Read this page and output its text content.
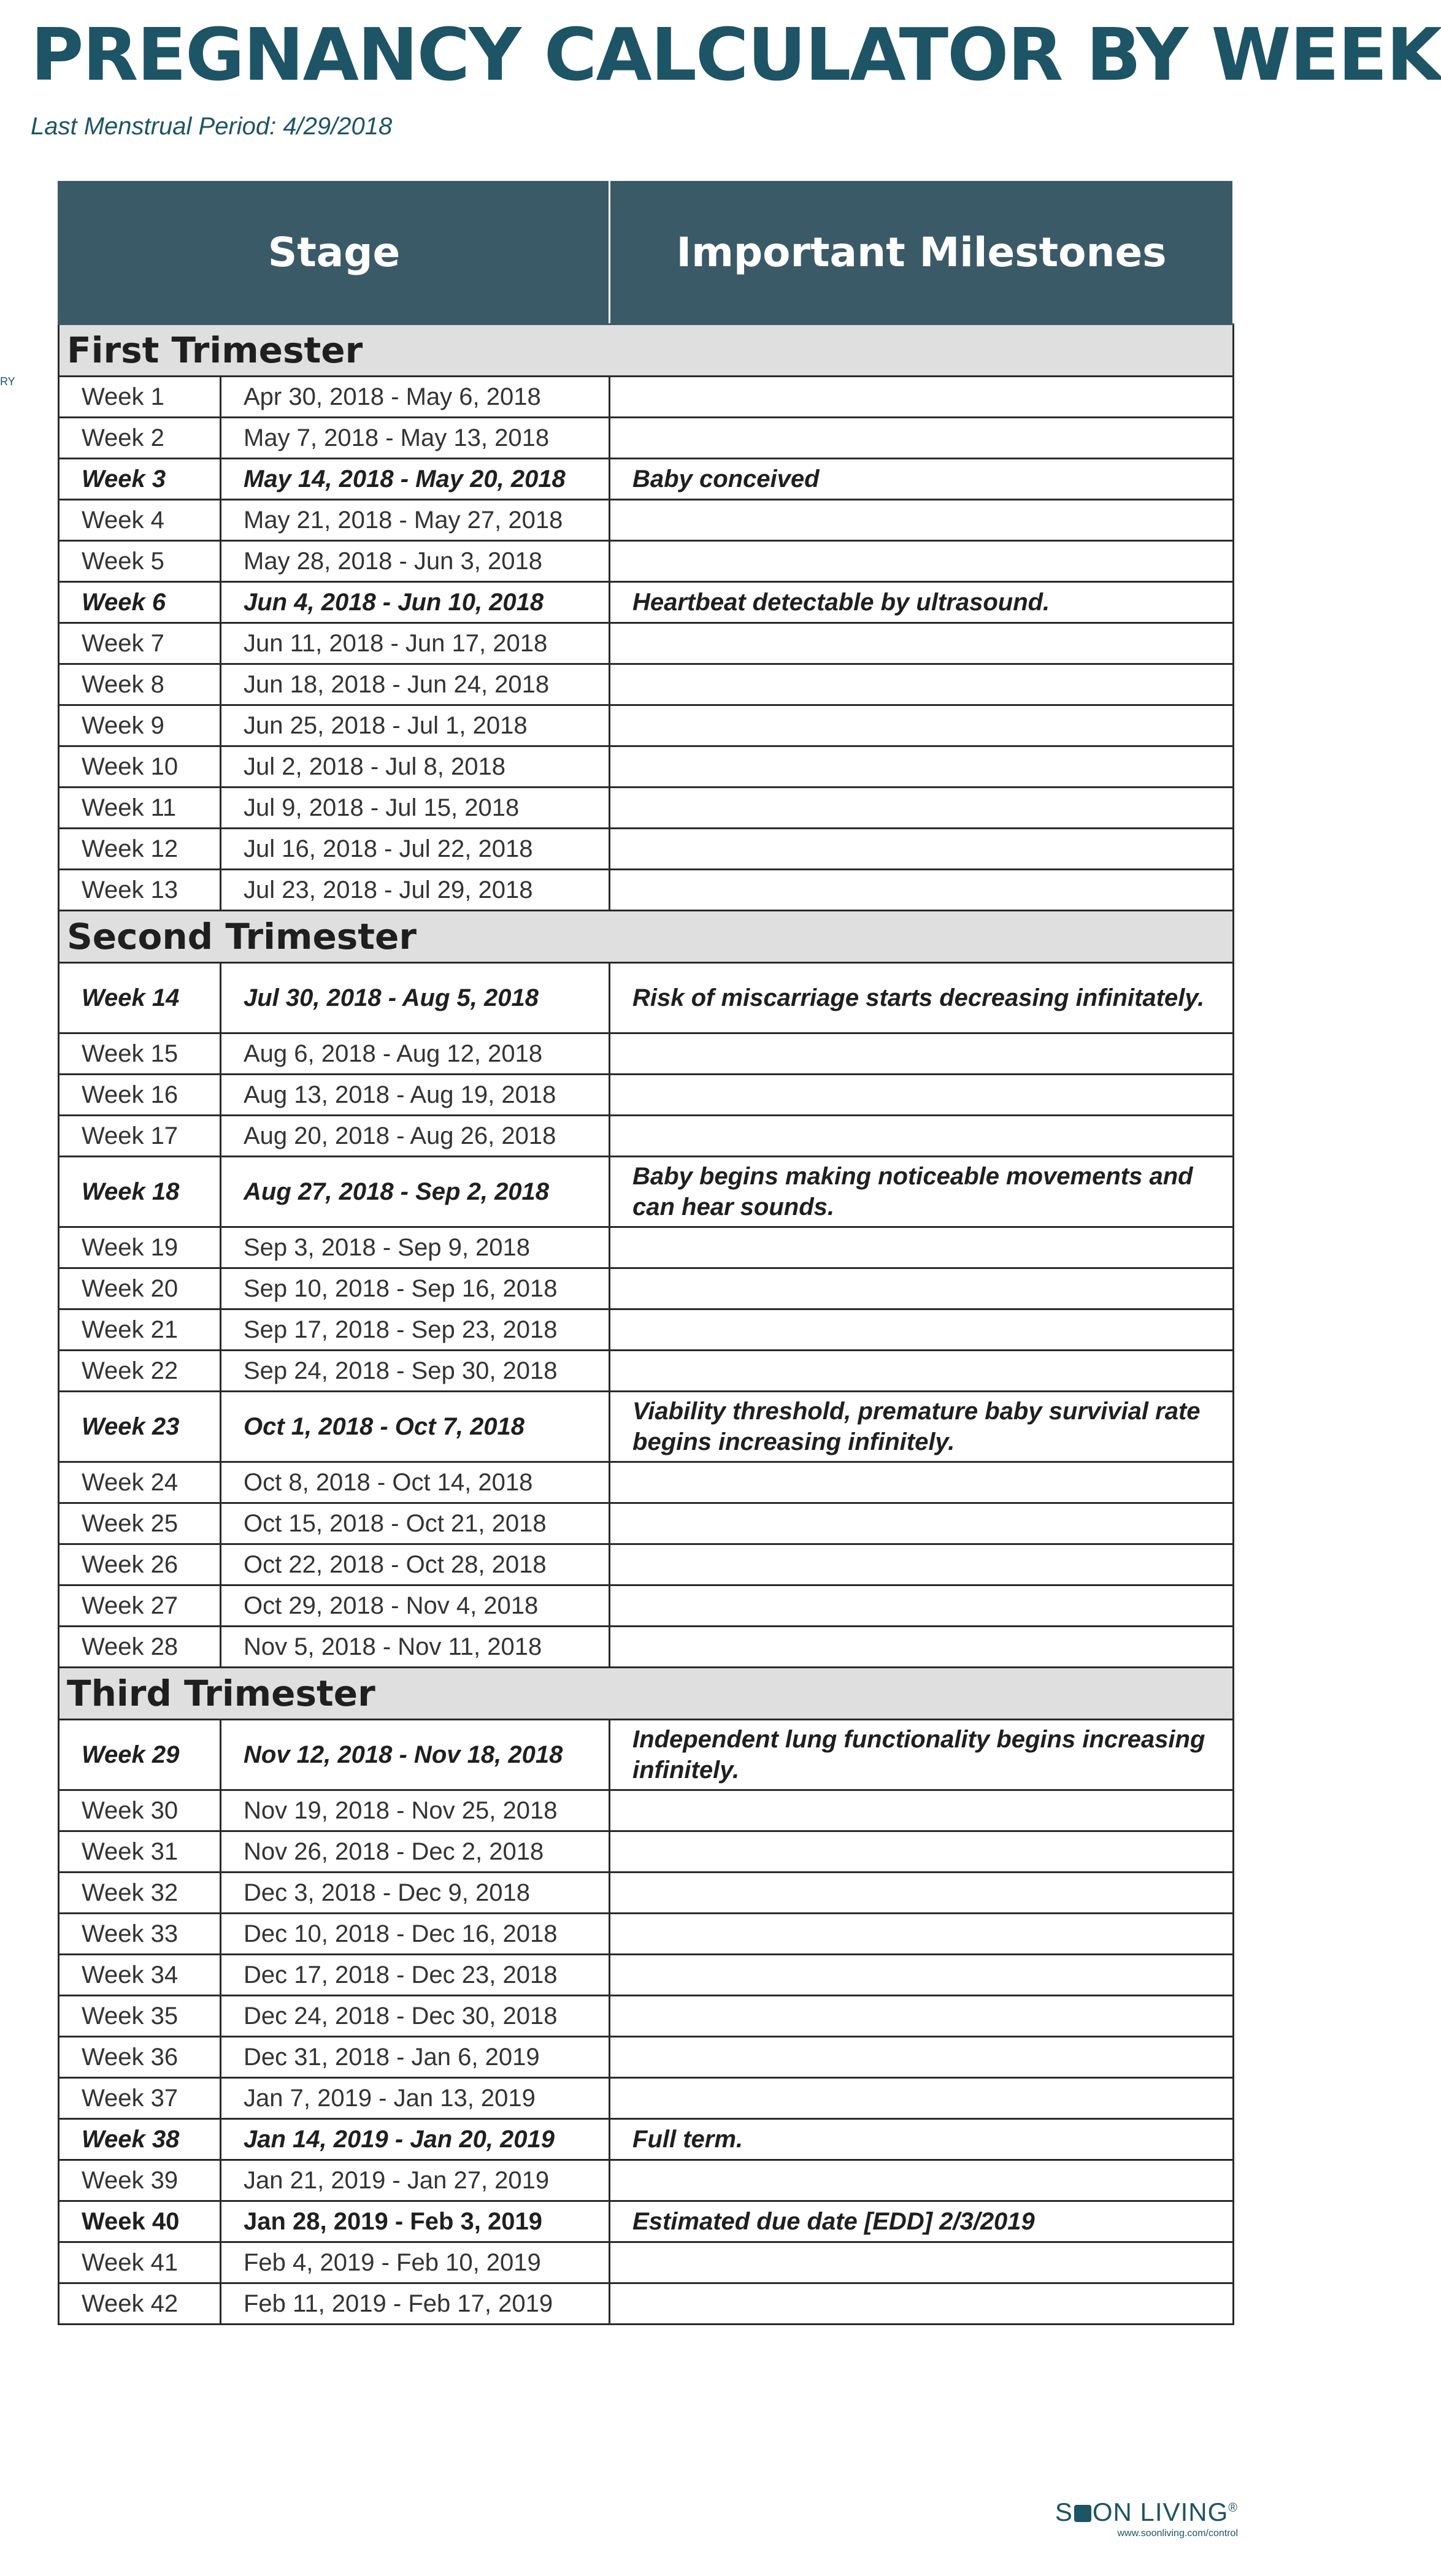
PREGNANCY CALCULATOR BY WEEK
Last Menstrual Period: 4/29/2018
RY
Stage		Important Milestones
First Trimester		
Week 1	Apr 30, 2018 - May 6, 2018	
Week 2	May 7, 2018 - May 13, 2018	
Week 3	May 14, 2018 - May 20, 2018	Baby conceived
Week 4	May 21, 2018 - May 27, 2018	
Week 5	May 28, 2018 - Jun 3, 2018	
Week 6	Jun 4, 2018 - Jun 10, 2018	Heartbeat detectable by ultrasound.
Week 7	Jun 11, 2018 - Jun 17, 2018	
Week 8	Jun 18, 2018 - Jun 24, 2018	
Week 9	Jun 25, 2018 - Jul 1, 2018	
Week 10	Jul 2, 2018 - Jul 8, 2018	
Week 11	Jul 9, 2018 - Jul 15, 2018	
Week 12	Jul 16, 2018 - Jul 22, 2018	
Week 13	Jul 23, 2018 - Jul 29, 2018	
Second Trimester		
Week 14	Jul 30, 2018 - Aug 5, 2018	Risk of miscarriage starts decreasing infinitately.
Week 15	Aug 6, 2018 - Aug 12, 2018	
Week 16	Aug 13, 2018 - Aug 19, 2018	
Week 17	Aug 20, 2018 - Aug 26, 2018	
Week 18	Aug 27, 2018 - Sep 2, 2018	Baby begins making noticeable movements and can hear sounds.
Week 19	Sep 3, 2018 - Sep 9, 2018	
Week 20	Sep 10, 2018 - Sep 16, 2018	
Week 21	Sep 17, 2018 - Sep 23, 2018	
Week 22	Sep 24, 2018 - Sep 30, 2018	
Week 23	Oct 1, 2018 - Oct 7, 2018	Viability threshold, premature baby survivial rate begins increasing infinitely.
Week 24	Oct 8, 2018 - Oct 14, 2018	
Week 25	Oct 15, 2018 - Oct 21, 2018	
Week 26	Oct 22, 2018 - Oct 28, 2018	
Week 27	Oct 29, 2018 - Nov 4, 2018	
Week 28	Nov 5, 2018 - Nov 11, 2018	
Third Trimester		
Week 29	Nov 12, 2018 - Nov 18, 2018	Independent lung functionality begins increasing infinitely.
Week 30	Nov 19, 2018 - Nov 25, 2018	
Week 31	Nov 26, 2018 - Dec 2, 2018	
Week 32	Dec 3, 2018 - Dec 9, 2018	
Week 33	Dec 10, 2018 - Dec 16, 2018	
Week 34	Dec 17, 2018 - Dec 23, 2018	
Week 35	Dec 24, 2018 - Dec 30, 2018	
Week 36	Dec 31, 2018 - Jan 6, 2019	
Week 37	Jan 7, 2019 - Jan 13, 2019	
Week 38	Jan 14, 2019 - Jan 20, 2019	Full term.
Week 39	Jan 21, 2019 - Jan 27, 2019	
Week 40	Jan 28, 2019 - Feb 3, 2019	Estimated due date [EDD] 2/3/2019
Week 41	Feb 4, 2019 - Feb 10, 2019	
Week 42	Feb 11, 2019 - Feb 17, 2019	
S ON LIVING®
www.soonliving.com/control
